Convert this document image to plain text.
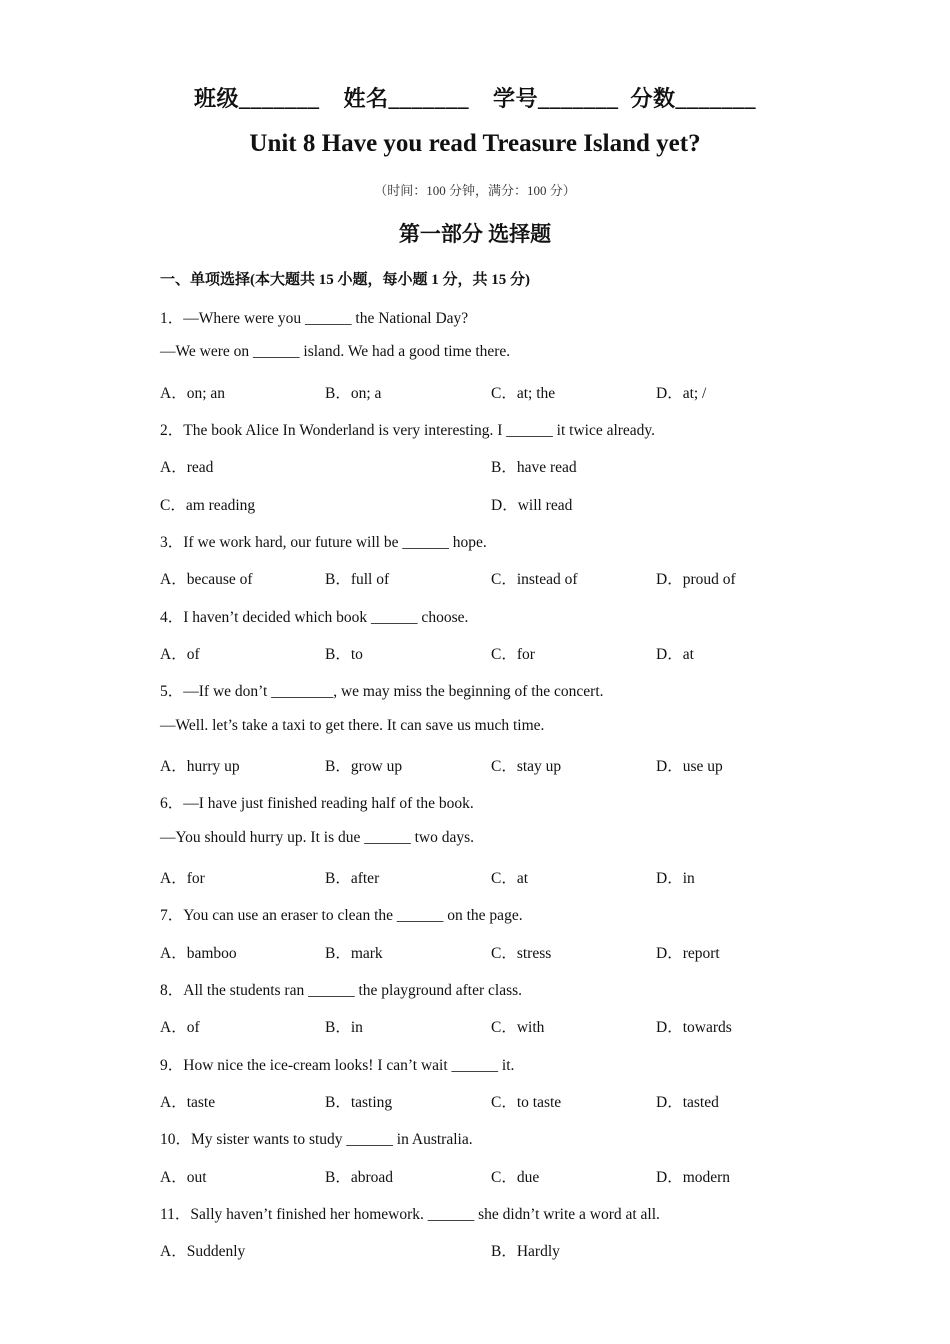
班级_______    姓名_______    学号_______  分数_______
Unit 8 Have you read Treasure Island yet?
（时间：100 分钟，满分：100 分）
第一部分 选择题
一、单项选择(本大题共 15 小题，每小题 1 分，共 15 分)
1．—Where were you ______ the National Day?
—We were on ______ island. We had a good time there.
A．on; an	B．on; a	C．at; the	D．at; /
2．The book Alice In Wonderland is very interesting. I ______ it twice already.
A．read	B．have read
C．am reading	D．will read
3．If we work hard, our future will be ______ hope.
A．because of	B．full of	C．instead of	D．proud of
4．I haven’t decided which book ______ choose.
A．of	B．to	C．for	D．at
5．—If we don’t ________, we may miss the beginning of the concert.
—Well. let’s take a taxi to get there. It can save us much time.
A．hurry up	B．grow up	C．stay up	D．use up
6．—I have just finished reading half of the book.
—You should hurry up. It is due ______ two days.
A．for	B．after	C．at	D．in
7．You can use an eraser to clean the ______ on the page.
A．bamboo	B．mark	C．stress	D．report
8．All the students ran ______ the playground after class.
A．of	B．in	C．with	D．towards
9．How nice the ice-cream looks! I can’t wait ______ it.
A．taste	B．tasting	C．to taste	D．tasted
10．My sister wants to study ______ in Australia.
A．out	B．abroad	C．due	D．modern
11．Sally haven’t finished her homework. ______ she didn’t write a word at all.
A．Suddenly	B．Hardly
